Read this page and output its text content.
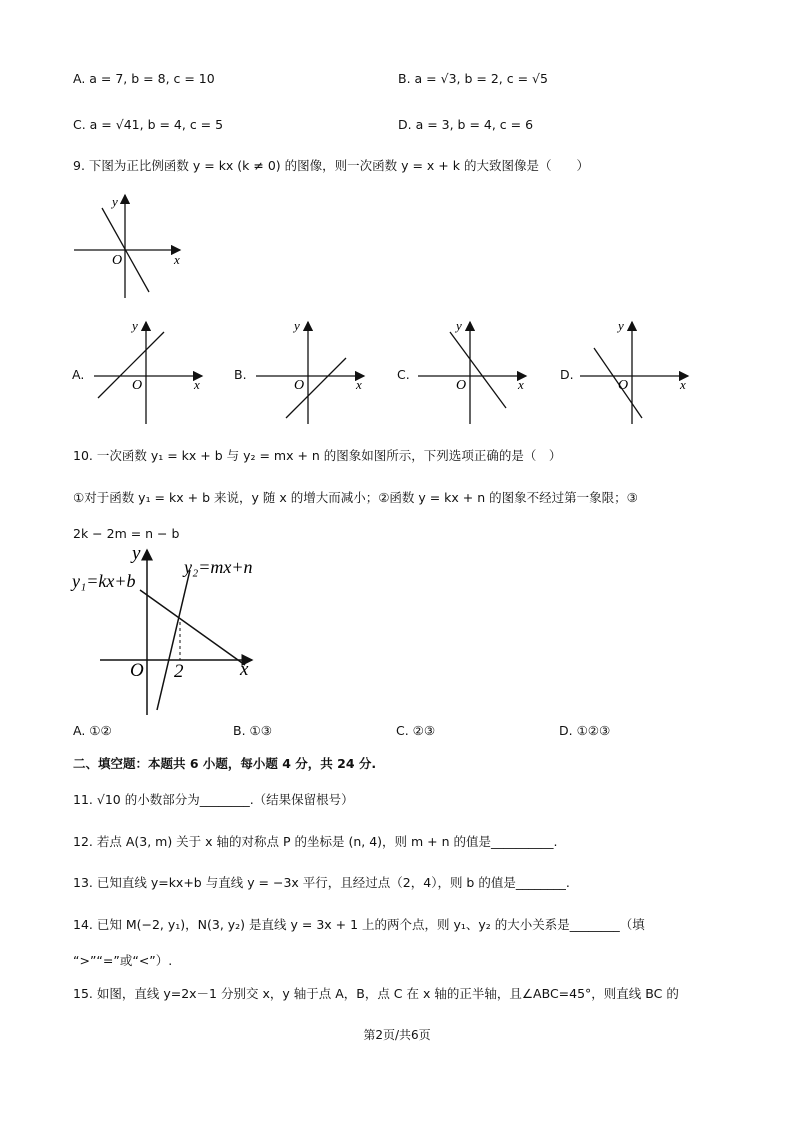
A. a = 7, b = 8, c = 10	B. a = √3, b = 2, c = √5
C. a = √41, b = 4, c = 5	D. a = 3, b = 4, c = 6
9. 下图为正比例函数 y = kx (k ≠ 0) 的图像，则一次函数 y = x + k 的大致图像是（　　）
y
x
O
A.
y
x
O
B.
y
x
O
C.
y
x
O
D.
y
x
O
10. 一次函数 y₁ = kx + b 与 y₂ = mx + n 的图象如图所示，下列选项正确的是（　）
①对于函数 y₁ = kx + b 来说，y 随 x 的增大而减小；②函数 y = kx + n 的图象不经过第一象限；③
2k − 2m = n − b
y
x
O 2
y₁=kx+b
y₂=mx+n
A. ①②	B. ①③	C. ②③	D. ①②③
二、填空题：本题共 6 小题，每小题 4 分，共 24 分.
11. √10 的小数部分为________.（结果保留根号）
12. 若点 A(3, m) 关于 x 轴的对称点 P 的坐标是 (n, 4)，则 m + n 的值是__________.
13. 已知直线 y=kx+b 与直线 y = −3x 平行，且经过点（2，4），则 b 的值是________.
14. 已知 M(−2, y₁)，N(3, y₂) 是直线 y = 3x + 1 上的两个点，则 y₁、y₂ 的大小关系是________（填
“>”“=”或“<”）.
15. 如图，直线 y=2x－1 分别交 x，y 轴于点 A，B，点 C 在 x 轴的正半轴，且∠ABC=45°，则直线 BC 的
第2页/共6页
